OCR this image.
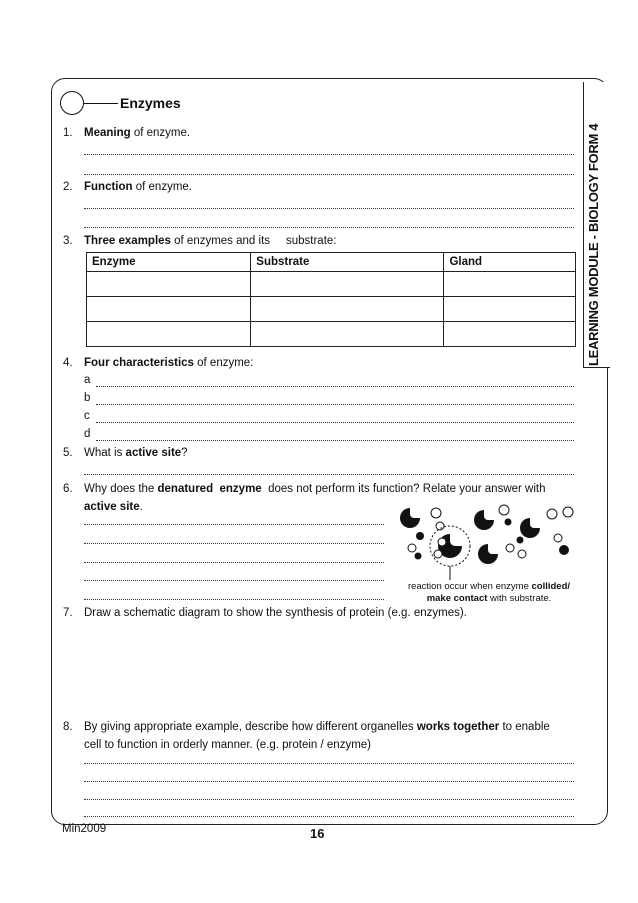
LEARNING MODULE - BIOLOGY FORM 4
Enzymes
1. Meaning of enzyme.
2. Function of enzyme.
3. Three examples of enzymes and its     substrate:
Enzyme	Substrate	Gland

4. Four characteristics of enzyme:
a
b
c
d
5. What is active site?
6. Why does the denatured  enzyme  does not perform its function? Relate your answer with
active site.
reaction occur when enzyme collided/
make contact with substrate.
7. Draw a schematic diagram to show the synthesis of protein (e.g. enzymes).
8. By giving appropriate example, describe how different organelles works together to enable
cell to function in orderly manner. (e.g. protein / enzyme)
Min2009	16
